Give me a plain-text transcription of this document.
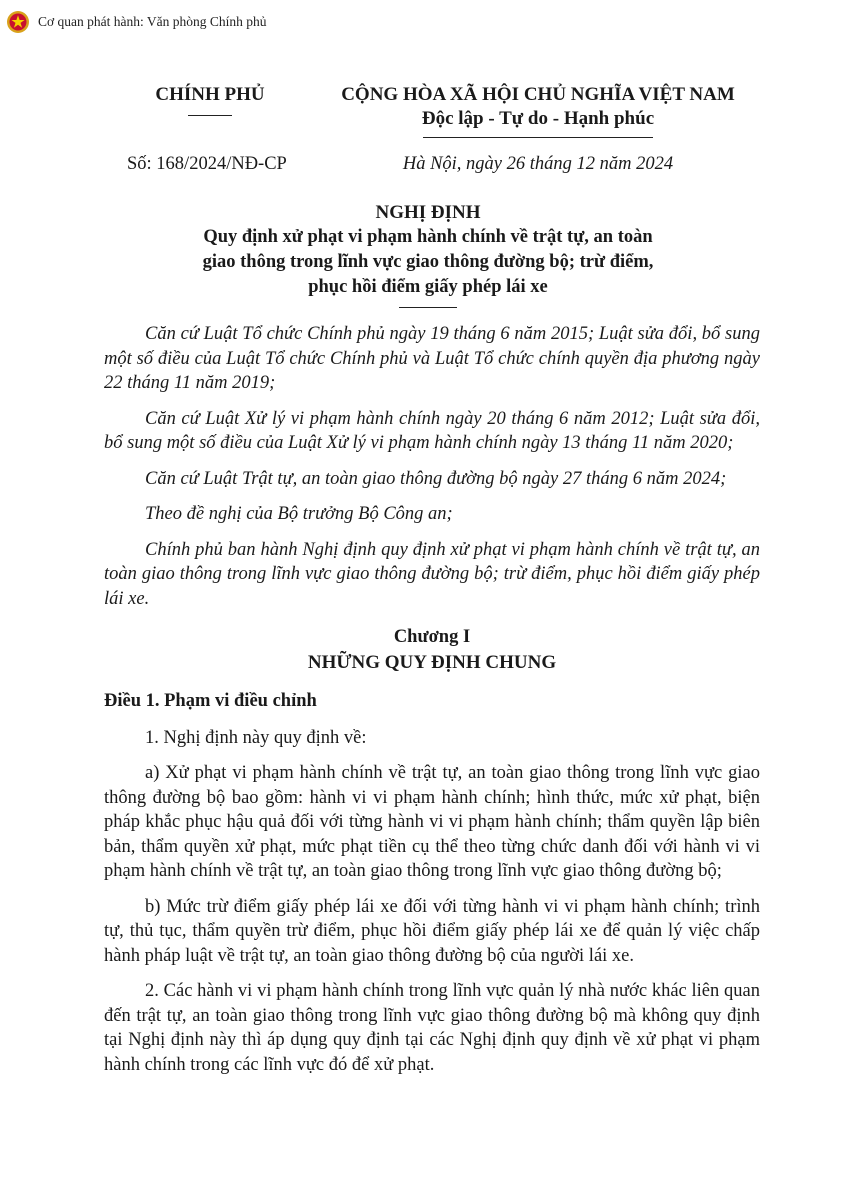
Cơ quan phát hành: Văn phòng Chính phủ
CHÍNH PHỦ	CỘNG HÒA XÃ HỘI CHỦ NGHĨA VIỆT NAM
Độc lập - Tự do - Hạnh phúc
Số: 168/2024/NĐ-CP	Hà Nội, ngày 26 tháng 12 năm 2024
NGHỊ ĐỊNH
Quy định xử phạt vi phạm hành chính về trật tự, an toàn
giao thông trong lĩnh vực giao thông đường bộ; trừ điểm,
phục hồi điểm giấy phép lái xe

Căn cứ Luật Tổ chức Chính phủ ngày 19 tháng 6 năm 2015; Luật sửa đổi, bổ sung một số điều của Luật Tổ chức Chính phủ và Luật Tổ chức chính quyền địa phương ngày 22 tháng 11 năm 2019;

Căn cứ Luật Xử lý vi phạm hành chính ngày 20 tháng 6 năm 2012; Luật sửa đổi, bổ sung một số điều của Luật Xử lý vi phạm hành chính ngày 13 tháng 11 năm 2020;

Căn cứ Luật Trật tự, an toàn giao thông đường bộ ngày 27 tháng 6 năm 2024;

Theo đề nghị của Bộ trưởng Bộ Công an;

Chính phủ ban hành Nghị định quy định xử phạt vi phạm hành chính về trật tự, an toàn giao thông trong lĩnh vực giao thông đường bộ; trừ điểm, phục hồi điểm giấy phép lái xe.

Chương I
NHỮNG QUY ĐỊNH CHUNG
Điều 1. Phạm vi điều chỉnh

1. Nghị định này quy định về:

a) Xử phạt vi phạm hành chính về trật tự, an toàn giao thông trong lĩnh vực giao thông đường bộ bao gồm: hành vi vi phạm hành chính; hình thức, mức xử phạt, biện pháp khắc phục hậu quả đối với từng hành vi vi phạm hành chính; thẩm quyền lập biên bản, thẩm quyền xử phạt, mức phạt tiền cụ thể theo từng chức danh đối với hành vi vi phạm hành chính về trật tự, an toàn giao thông trong lĩnh vực giao thông đường bộ;

b) Mức trừ điểm giấy phép lái xe đối với từng hành vi vi phạm hành chính; trình tự, thủ tục, thẩm quyền trừ điểm, phục hồi điểm giấy phép lái xe để quản lý việc chấp hành pháp luật về trật tự, an toàn giao thông đường bộ của người lái xe.

2. Các hành vi vi phạm hành chính trong lĩnh vực quản lý nhà nước khác liên quan đến trật tự, an toàn giao thông trong lĩnh vực giao thông đường bộ mà không quy định tại Nghị định này thì áp dụng quy định tại các Nghị định quy định về xử phạt vi phạm hành chính trong các lĩnh vực đó để xử phạt.
